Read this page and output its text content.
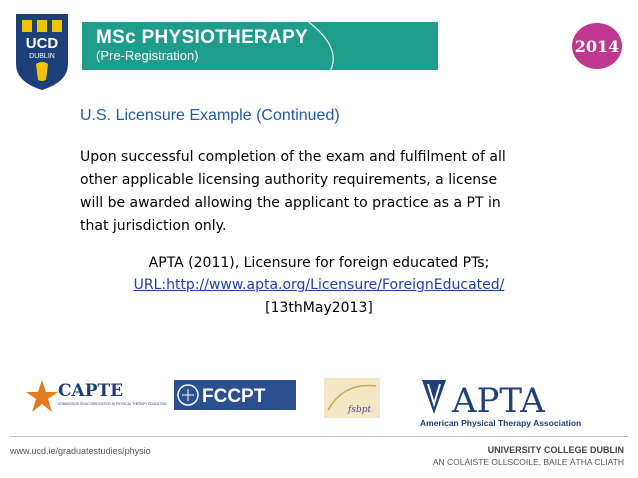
UCD
DUBLIN
MSc PHYSIOTHERAPY
(Pre-Registration)	2014
U.S. Licensure Example (Continued)
Upon successful completion of the exam and fulfilment of all other applicable licensing authority requirements, a license will be awarded allowing the applicant to practice as a PT in that jurisdiction only.
APTA (2011), Licensure for foreign educated PTs;
URL:http://www.apta.org/Licensure/ForeignEducated/
[13thMay2013]
CAPTE
COMMISSION ON ACCREDITATION IN PHYSICAL THERAPY EDUCATION FCCPT
fsbpt APTA
American Physical Therapy Association
www.ucd.ie/graduatestudies/physio	UNIVERSITY COLLEGE DUBLIN
AN COLÁISTE OLLSCOILE, BAILE ÁTHA CLIATH
